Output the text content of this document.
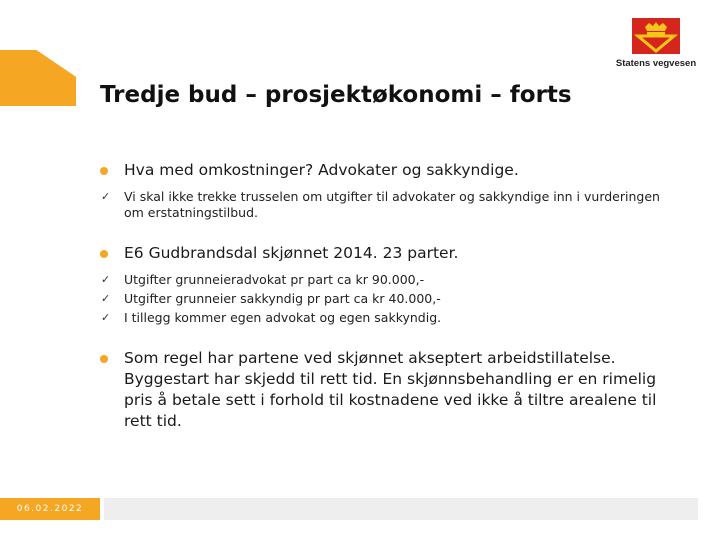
Statens vegvesen
Tredje bud – prosjektøkonomi – forts
Hva med omkostninger? Advokater og sakkyndige.
✓ Vi skal ikke trekke trusselen om utgifter til advokater og sakkyndige inn i vurderingen om erstatningstilbud.
E6 Gudbrandsdal skjønnet 2014. 23 parter.
✓ Utgifter grunneieradvokat pr part ca kr 90.000,-
✓ Utgifter grunneier sakkyndig pr part ca kr 40.000,-
✓ I tillegg kommer egen advokat og egen sakkyndig.
Som regel har partene ved skjønnet akseptert arbeidstillatelse. Byggestart har skjedd til rett tid. En skjønnsbehandling er en rimelig pris å betale sett i forhold til kostnadene ved ikke å tiltre arealene til rett tid.
06.02.2022
